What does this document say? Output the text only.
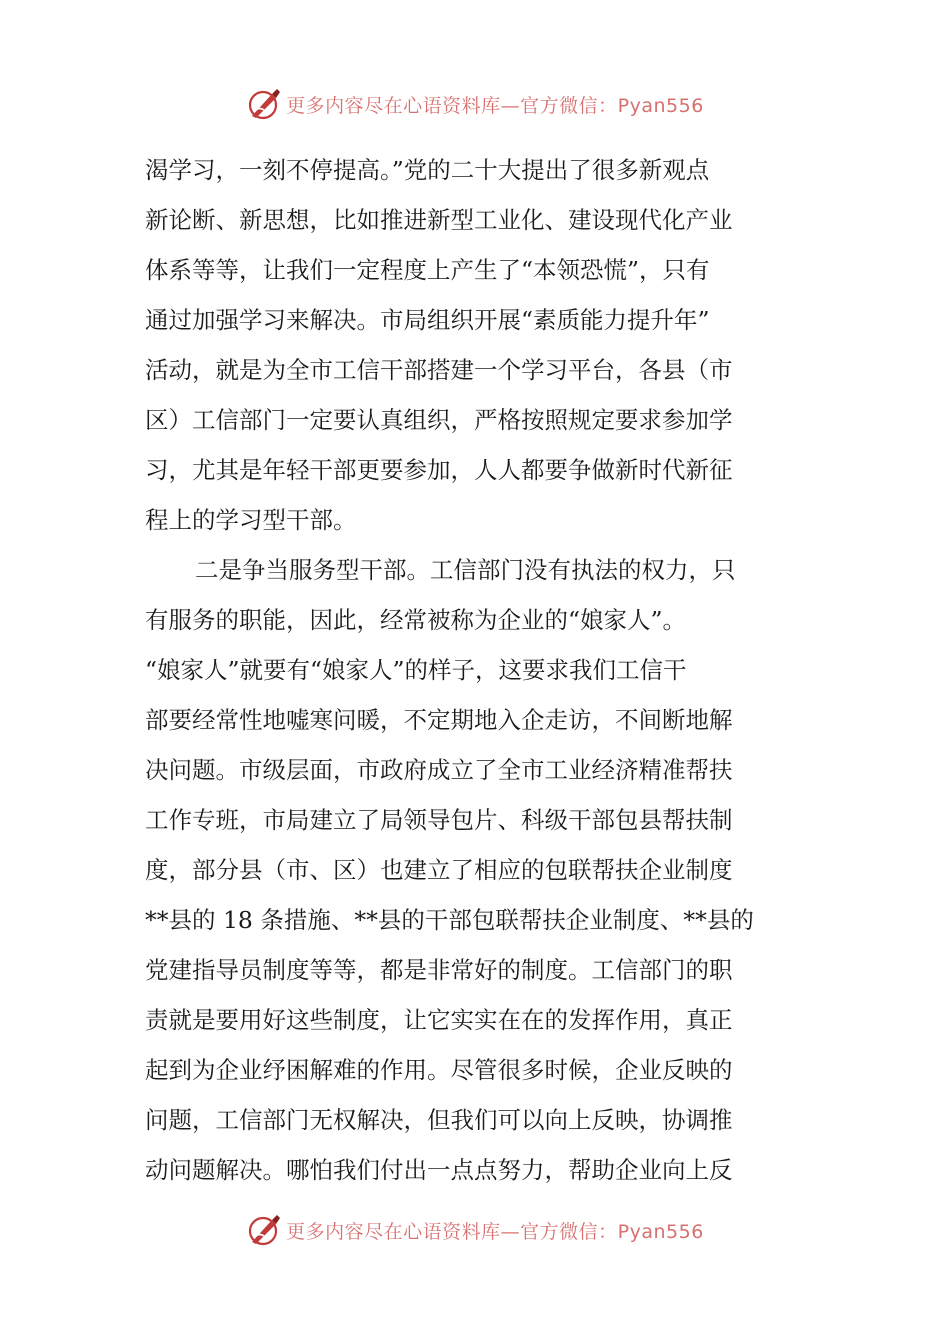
更多内容尽在心语资料库—官方微信：Pyan556
渴学习，一刻不停提高。”党的二十大提出了很多新观点
新论断、新思想，比如推进新型工业化、建设现代化产业
体系等等，让我们一定程度上产生了“本领恐慌”，只有
通过加强学习来解决。市局组织开展“素质能力提升年”
活动，就是为全市工信干部搭建一个学习平台，各县（市
区）工信部门一定要认真组织，严格按照规定要求参加学
习，尤其是年轻干部更要参加，人人都要争做新时代新征
程上的学习型干部。
二是争当服务型干部。工信部门没有执法的权力，只
有服务的职能，因此，经常被称为企业的“娘家人”。
“娘家人”就要有“娘家人”的样子，这要求我们工信干
部要经常性地嘘寒问暖，不定期地入企走访，不间断地解
决问题。市级层面，市政府成立了全市工业经济精准帮扶
工作专班，市局建立了局领导包片、科级干部包县帮扶制
度，部分县（市、区）也建立了相应的包联帮扶企业制度
**县的 18 条措施、**县的干部包联帮扶企业制度、**县的
党建指导员制度等等，都是非常好的制度。工信部门的职
责就是要用好这些制度，让它实实在在的发挥作用，真正
起到为企业纾困解难的作用。尽管很多时候，企业反映的
问题，工信部门无权解决，但我们可以向上反映，协调推
动问题解决。哪怕我们付出一点点努力，帮助企业向上反
更多内容尽在心语资料库—官方微信：Pyan556
